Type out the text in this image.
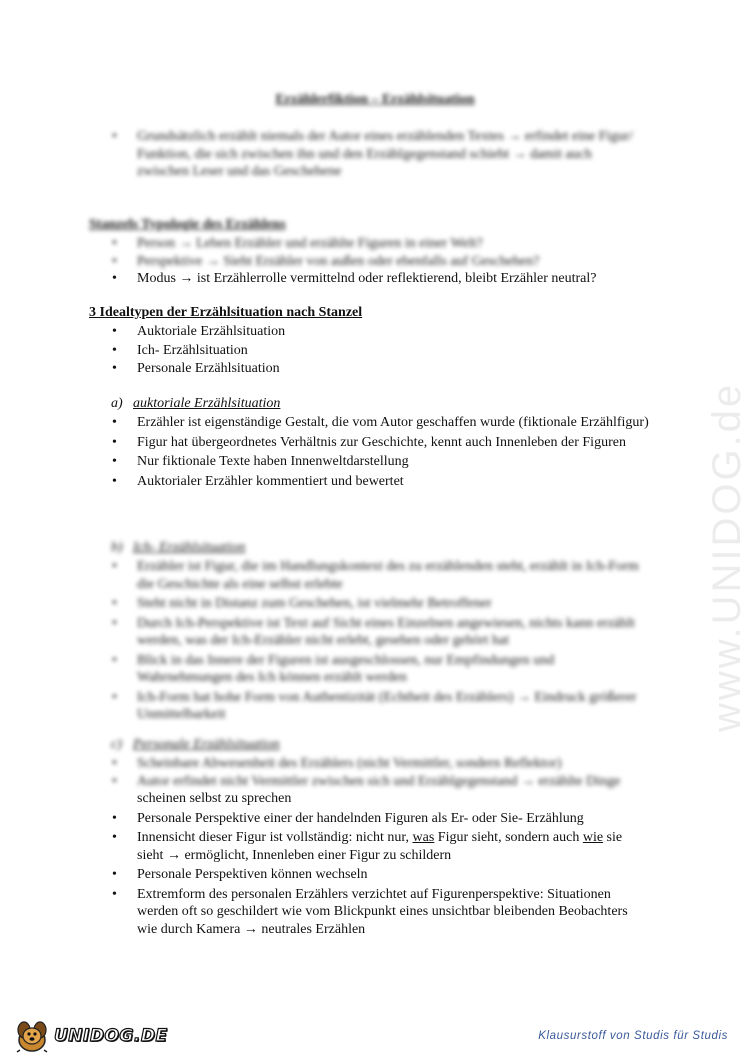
www.UNIDOG.de
Erzählerfiktion – Erzählsituation
• Grundsätzlich erzählt niemals der Autor eines erzählenden Textes → erfindet eine Figur/ Funktion, die sich zwischen ihn und den Erzählgegenstand schiebt → damit auch zwischen Leser und das Geschehene
Stanzels Typologie des Erzählens
• Person → Leben Erzähler und erzählte Figuren in einer Welt?
• Perspektive → Sieht Erzähler von außen oder ebenfalls auf Geschehen?
• Modus → ist Erzählerrolle vermittelnd oder reflektierend, bleibt Erzähler neutral?
3 Idealtypen der Erzählsituation nach Stanzel
• Auktoriale Erzählsituation
• Ich- Erzählsituation
• Personale Erzählsituation
a) auktoriale Erzählsituation
• Erzähler ist eigenständige Gestalt, die vom Autor geschaffen wurde (fiktionale Erzählfigur)
• Figur hat übergeordnetes Verhältnis zur Geschichte, kennt auch Innenleben der Figuren
• Nur fiktionale Texte haben Innenweltdarstellung
• Auktorialer Erzähler kommentiert und bewertet
b) Ich- Erzählsituation
• Erzähler ist Figur, die im Handlungskontext des zu erzählenden steht, erzählt in Ich-Form die Geschichte als eine selbst erlebte
• Steht nicht in Distanz zum Geschehen, ist vielmehr Betroffener
• Durch Ich-Perspektive ist Text auf Sicht eines Einzelnen angewiesen, nichts kann erzählt werden, was der Ich-Erzähler nicht erlebt, gesehen oder gehört hat
• Blick in das Innere der Figuren ist ausgeschlossen, nur Empfindungen und Wahrnehmungen des Ich können erzählt werden
• Ich-Form hat hohe Form von Authentizität (Echtheit des Erzählers) → Eindruck größerer Unmittelbarkeit
c) Personale Erzählsituation
• Scheinbare Abwesenheit des Erzählers (nicht Vermittler, sondern Reflektor)
• Autor erfindet nicht Vermittler zwischen sich und Erzählgegenstand → erzählte Dinge
scheinen selbst zu sprechen
• Personale Perspektive einer der handelnden Figuren als Er- oder Sie- Erzählung
• Innensicht dieser Figur ist vollständig: nicht nur, was Figur sieht, sondern auch wie sie sieht → ermöglicht, Innenleben einer Figur zu schildern
• Personale Perspektiven können wechseln
• Extremform des personalen Erzählers verzichtet auf Figurenperspektive: Situationen werden oft so geschildert wie vom Blickpunkt eines unsichtbar bleibenden Beobachters wie durch Kamera → neutrales Erzählen
UNIDOG.DE	Klausurstoff von Studis für Studis
